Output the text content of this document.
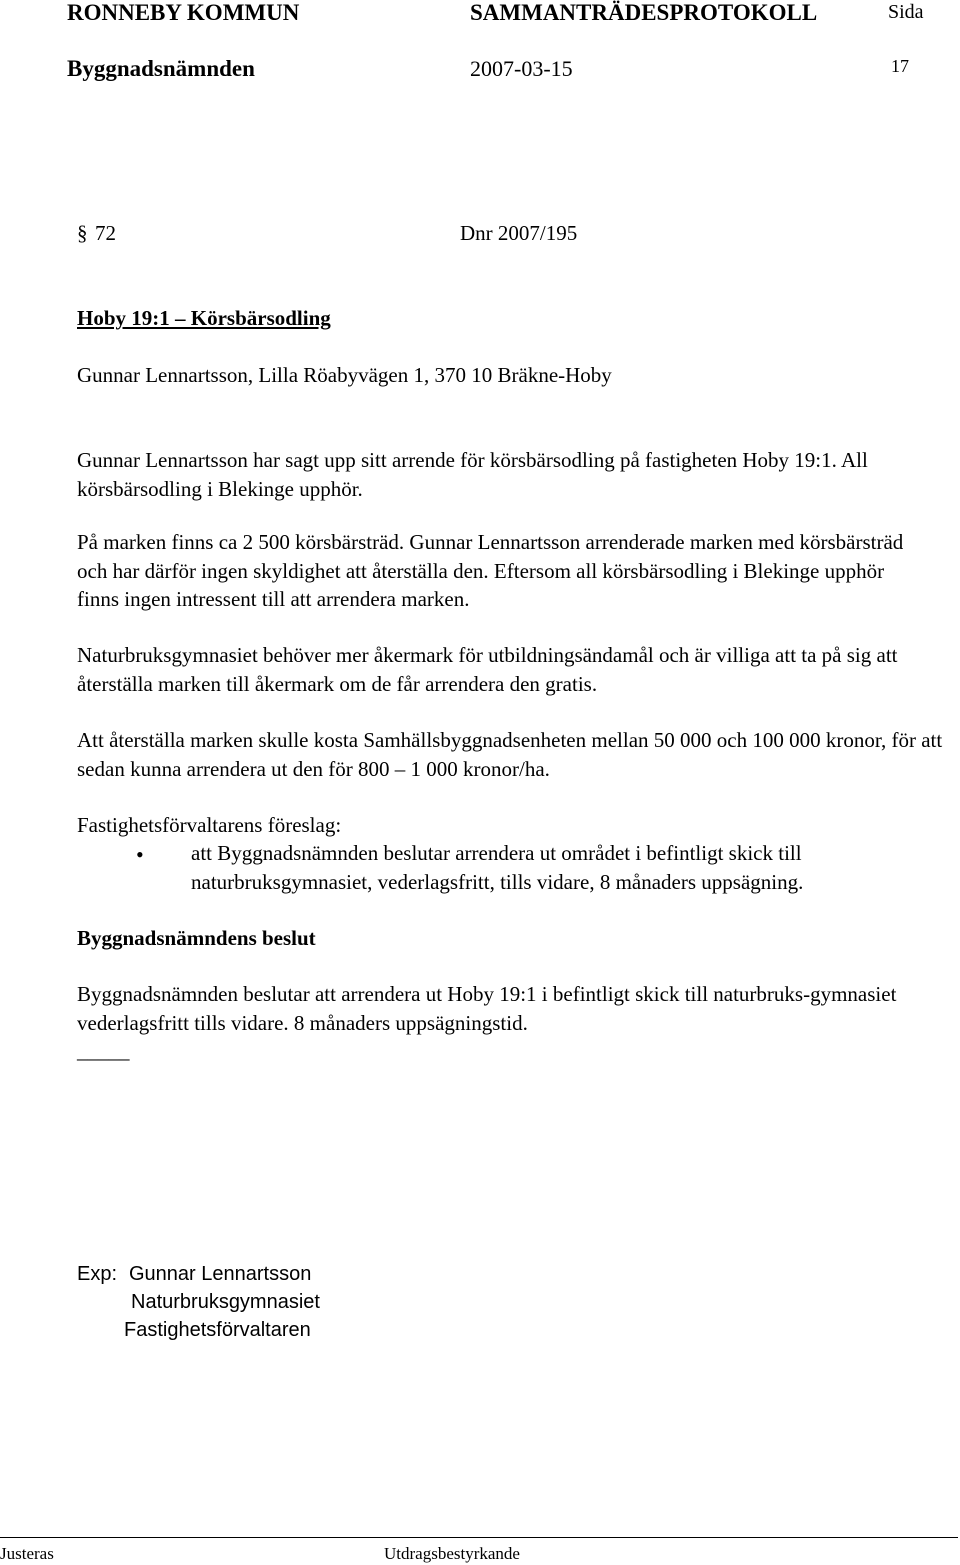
RONNEBY KOMMUN	SAMMANTRÄDESPROTOKOLL	Sida
Byggnadsnämnden	2007-03-15	17
§ 72	Dnr 2007/195
Hoby 19:1 – Körsbärsodling
Gunnar Lennartsson, Lilla Röabyvägen 1, 370 10 Bräkne-Hoby
Gunnar Lennartsson har sagt upp sitt arrende för körsbärsodling på fastigheten Hoby 19:1. All körsbärsodling i Blekinge upphör.
På marken finns ca 2 500 körsbärsträd. Gunnar Lennartsson arrenderade marken med körsbärsträd och har därför ingen skyldighet att återställa den. Eftersom all körsbärsodling i Blekinge upphör finns ingen intressent till att arrendera marken.
Naturbruksgymnasiet behöver mer åkermark för utbildningsändamål och är villiga att ta på sig att återställa marken till åkermark om de får arrendera den gratis.
Att återställa marken skulle kosta Samhällsbyggnadsenheten mellan 50 000 och 100 000 kronor, för att sedan kunna arrendera ut den för 800 – 1 000 kronor/ha.
Fastighetsförvaltarens föreslag:
• att Byggnadsnämnden beslutar arrendera ut området i befintligt skick till naturbruksgymnasiet, vederlagsfritt, tills vidare, 8 månaders uppsägning.
Byggnadsnämndens beslut
Byggnadsnämnden beslutar att arrendera ut Hoby 19:1 i befintligt skick till naturbruks-gymnasiet vederlagsfritt tills vidare. 8 månaders uppsägningstid.
_____
Exp: Gunnar Lennartsson
Naturbruksgymnasiet
Fastighetsförvaltaren
Justeras	Utdragsbestyrkande
